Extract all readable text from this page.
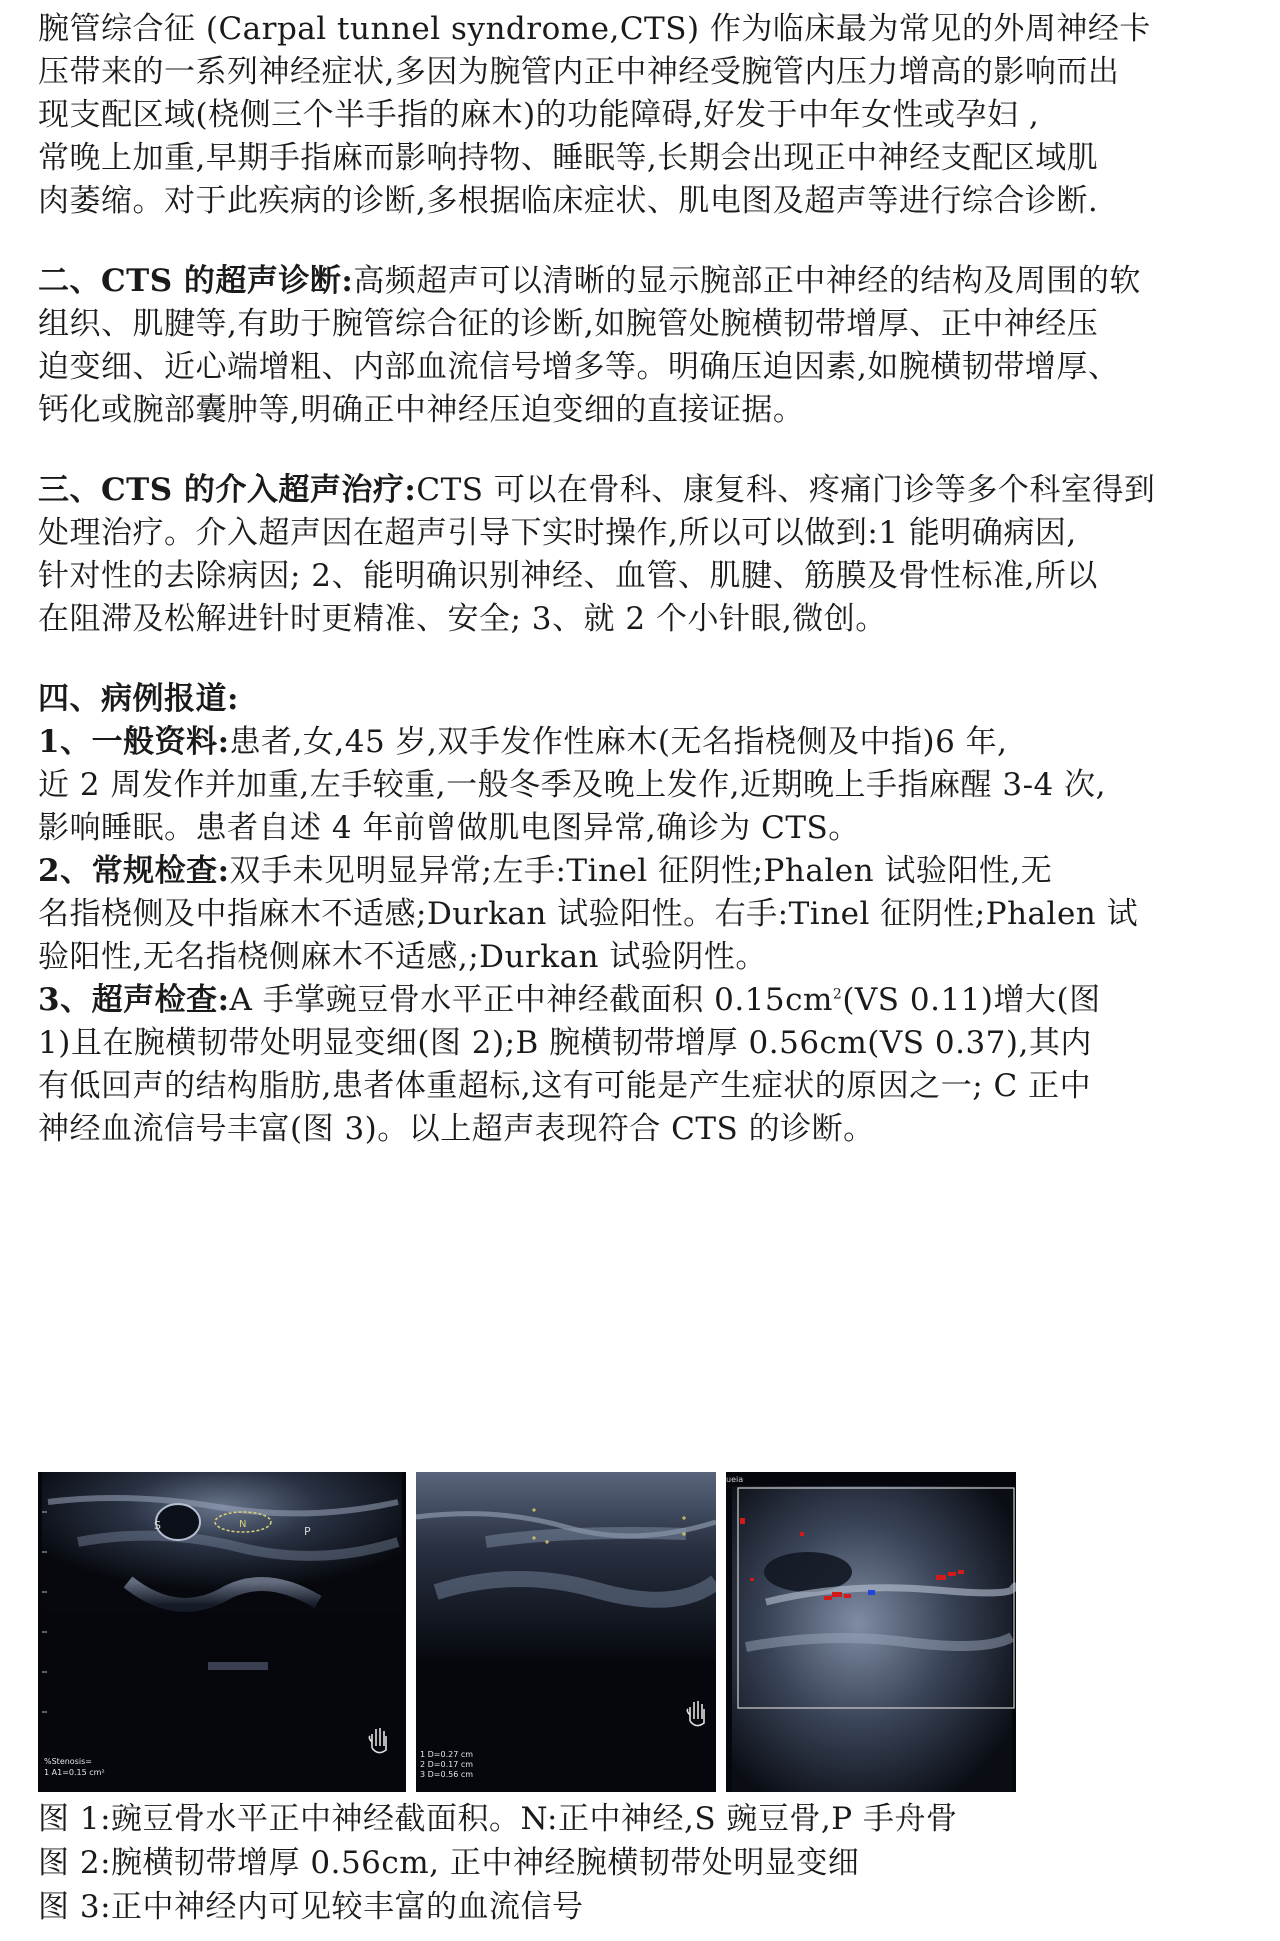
腕管综合征 (Carpal tunnel syndrome,CTS) 作为临床最为常见的外周神经卡
压带来的一系列神经症状,多因为腕管内正中神经受腕管内压力增高的影响而出
现支配区域(桡侧三个半手指的麻木)的功能障碍,好发于中年女性或孕妇 ,
常晚上加重,早期手指麻而影响持物、睡眠等,长期会出现正中神经支配区域肌
肉萎缩。对于此疾病的诊断,多根据临床症状、肌电图及超声等进行综合诊断.
二、CTS 的超声诊断:高频超声可以清晰的显示腕部正中神经的结构及周围的软
组织、肌腱等,有助于腕管综合征的诊断,如腕管处腕横韧带增厚、正中神经压
迫变细、近心端增粗、内部血流信号增多等。明确压迫因素,如腕横韧带增厚、
钙化或腕部囊肿等,明确正中神经压迫变细的直接证据。
三、CTS 的介入超声治疗:CTS 可以在骨科、康复科、疼痛门诊等多个科室得到
处理治疗。介入超声因在超声引导下实时操作,所以可以做到:1 能明确病因,
针对性的去除病因; 2、能明确识别神经、血管、肌腱、筋膜及骨性标准,所以
在阻滞及松解进针时更精准、安全; 3、就 2 个小针眼,微创。
四、病例报道:
1、一般资料:患者,女,45 岁,双手发作性麻木(无名指桡侧及中指)6 年,
近 2 周发作并加重,左手较重,一般冬季及晚上发作,近期晚上手指麻醒 3-4 次,
影响睡眠。患者自述 4 年前曾做肌电图异常,确诊为 CTS。
2、常规检查:双手未见明显异常;左手:Tinel 征阴性;Phalen 试验阳性,无
名指桡侧及中指麻木不适感;Durkan 试验阳性。右手:Tinel 征阴性;Phalen 试
验阳性,无名指桡侧麻木不适感,;Durkan 试验阴性。
3、超声检查:A 手掌豌豆骨水平正中神经截面积 $0.15cm^2(VS$ 0.11)增大(图
1)且在腕横韧带处明显变细(图 2);B 腕横韧带增厚 0.56cm(VS 0.37),其内
有低回声的结构脂肪,患者体重超标,这有可能是产生症状的原因之一; C 正中
神经血流信号丰富(图 3)。以上超声表现符合 CTS 的诊断。
S	N
P
%Stenosis=
1 A1=0.15 cm²
1 D=0.27 cm
2 D=0.17 cm
3 D=0.56 cm
ueia
图 1:豌豆骨水平正中神经截面积。N:正中神经,S 豌豆骨,P 手舟骨
图 2:腕横韧带增厚 0.56cm, 正中神经腕横韧带处明显变细
图 3:正中神经内可见较丰富的血流信号
